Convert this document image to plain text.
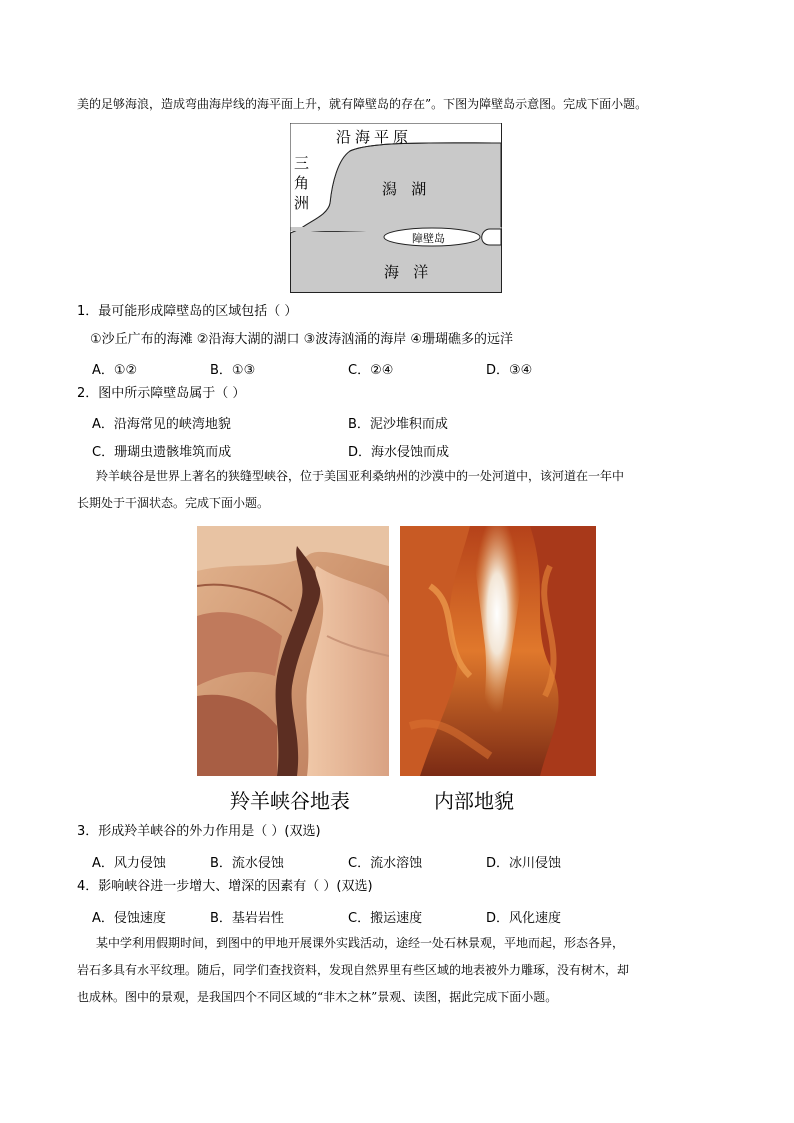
美的足够海浪，造成弯曲海岸线的海平面上升，就有障壁岛的存在”。下图为障壁岛示意图。完成下面小题。
沿海平原
三
角
洲
潟   湖
障壁岛
海   洋
1．最可能形成障壁岛的区域包括（ ）
①沙丘广布的海滩 ②沿海大湖的湖口 ③波涛汹涌的海岸 ④珊瑚礁多的远洋
A．①②	B．①③	C．②④	D．③④
2．图中所示障壁岛属于（ ）
A．沿海常见的峡湾地貌	B．泥沙堆积而成
C．珊瑚虫遗骸堆筑而成	D．海水侵蚀而成
羚羊峡谷是世界上著名的狭缝型峡谷，位于美国亚利桑纳州的沙漠中的一处河道中，该河道在一年中
长期处于干涸状态。完成下面小题。
羚羊峡谷地表	内部地貌
3．形成羚羊峡谷的外力作用是（ ）(双选)
A．风力侵蚀	B．流水侵蚀	C．流水溶蚀	D．冰川侵蚀
4．影响峡谷进一步增大、增深的因素有（ ）(双选)
A．侵蚀速度	B．基岩岩性	C．搬运速度	D．风化速度
某中学利用假期时间，到图中的甲地开展课外实践活动，途经一处石林景观，平地而起，形态各异，
岩石多具有水平纹理。随后，同学们查找资料，发现自然界里有些区域的地表被外力雕琢，没有树木，却
也成林。图中的景观，是我国四个不同区域的“非木之林”景观、读图，据此完成下面小题。
